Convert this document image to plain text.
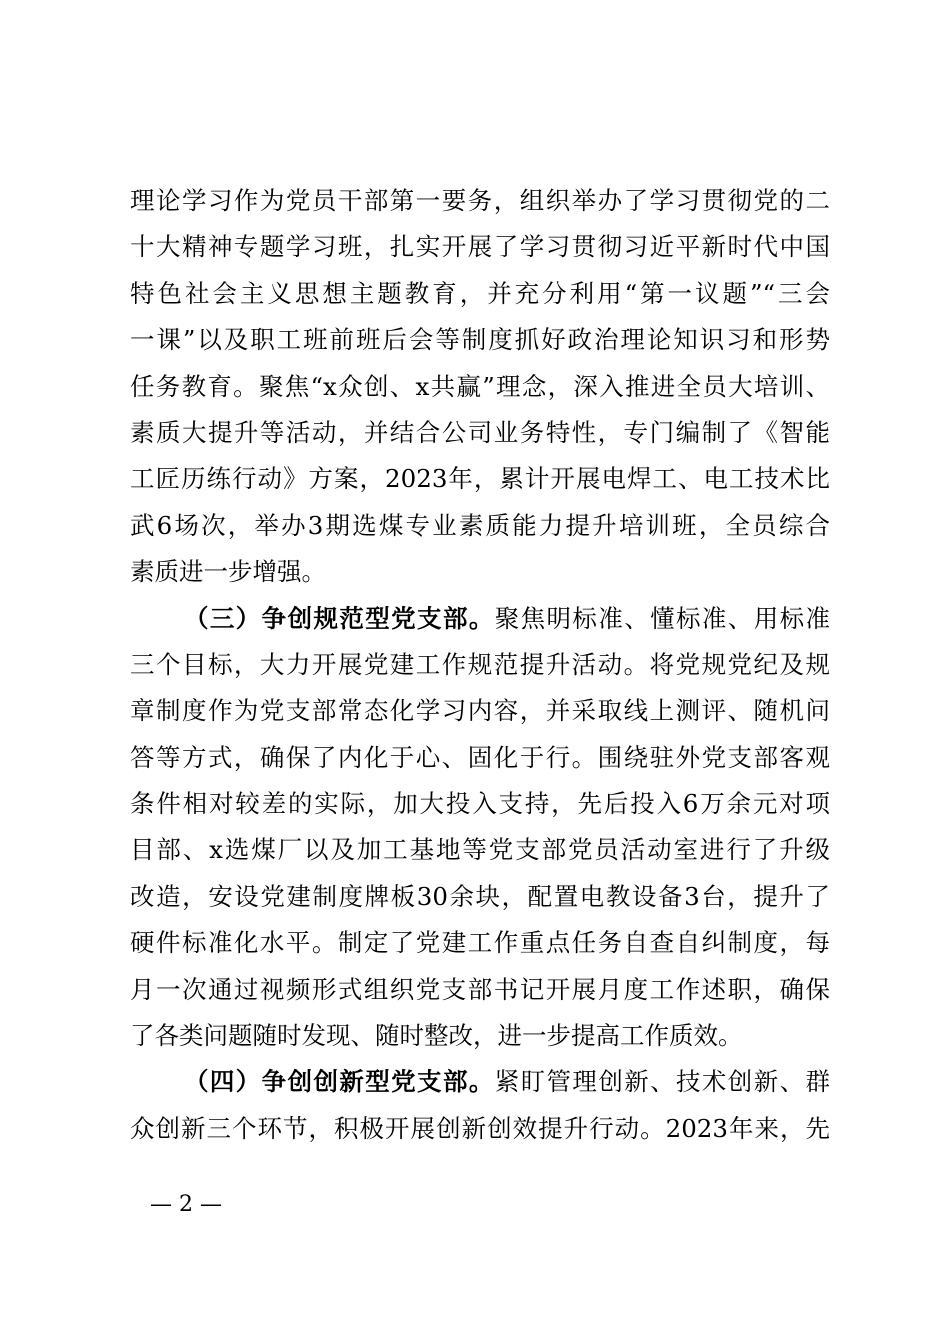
理论学习作为党员干部第一要务，组织举办了学习贯彻党的二
十大精神专题学习班，扎实开展了学习贯彻习近平新时代中国
特色社会主义思想主题教育，并充分利用“第一议题”“三会
一课”以及职工班前班后会等制度抓好政治理论知识习和形势
任务教育。聚焦“x众创、x共赢”理念，深入推进全员大培训、
素质大提升等活动，并结合公司业务特性，专门编制了《智能
工匠历练行动》方案，2023年，累计开展电焊工、电工技术比
武6场次，举办3期选煤专业素质能力提升培训班，全员综合
素质进一步增强。
（三）争创规范型党支部。聚焦明标准、懂标准、用标准
三个目标，大力开展党建工作规范提升活动。将党规党纪及规
章制度作为党支部常态化学习内容，并采取线上测评、随机问
答等方式，确保了内化于心、固化于行。围绕驻外党支部客观
条件相对较差的实际，加大投入支持，先后投入6万余元对项
目部、x选煤厂以及加工基地等党支部党员活动室进行了升级
改造，安设党建制度牌板30余块，配置电教设备3台，提升了
硬件标准化水平。制定了党建工作重点任务自查自纠制度，每
月一次通过视频形式组织党支部书记开展月度工作述职，确保
了各类问题随时发现、随时整改，进一步提高工作质效。
（四）争创创新型党支部。紧盯管理创新、技术创新、群
众创新三个环节，积极开展创新创效提升行动。2023年来，先
— 2 —
